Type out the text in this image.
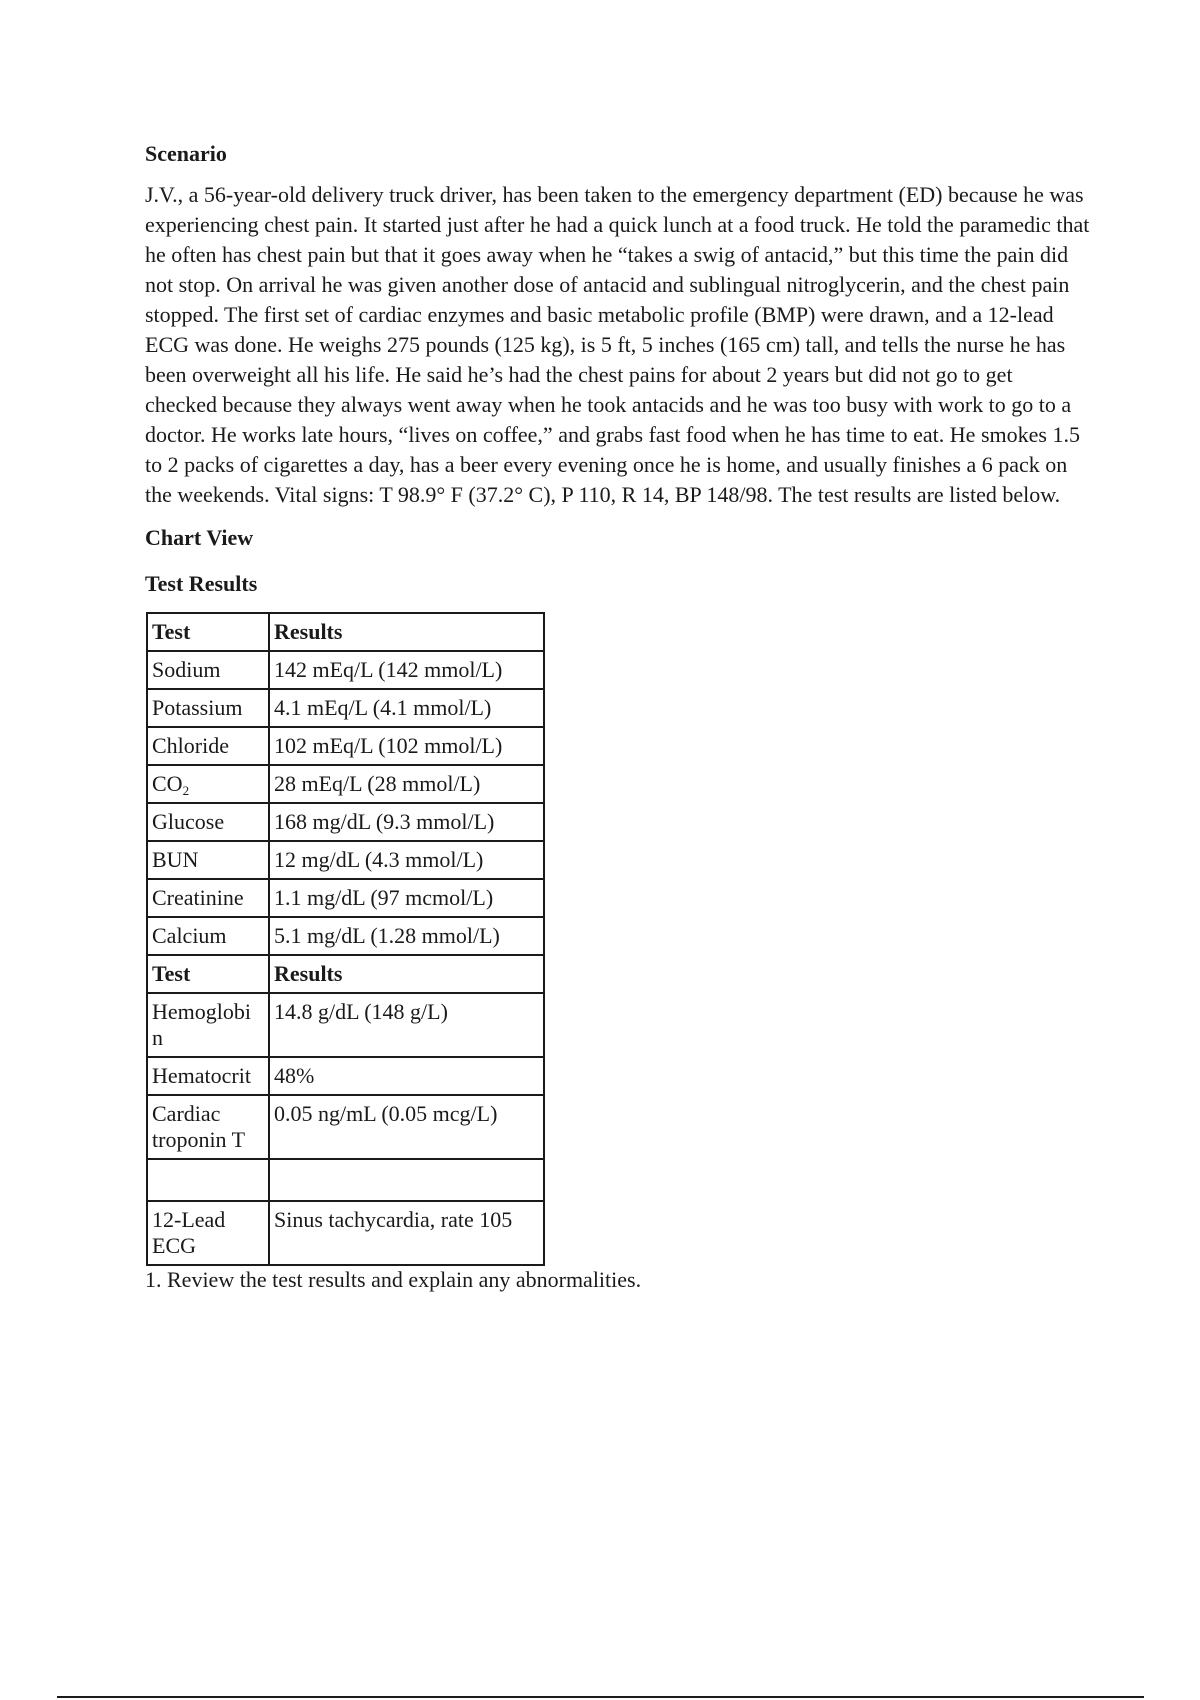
Scenario

J.V., a 56-year-old delivery truck driver, has been taken to the emergency department (ED) because he was experiencing chest pain. It started just after he had a quick lunch at a food truck. He told the paramedic that he often has chest pain but that it goes away when he “takes a swig of antacid,” but this time the pain did not stop. On arrival he was given another dose of antacid and sublingual nitroglycerin, and the chest pain stopped. The first set of cardiac enzymes and basic metabolic profile (BMP) were drawn, and a 12-lead ECG was done. He weighs 275 pounds (125 kg), is 5 ft, 5 inches (165 cm) tall, and tells the nurse he has been overweight all his life. He said he’s had the chest pains for about 2 years but did not go to get checked because they always went away when he took antacids and he was too busy with work to go to a doctor. He works late hours, “lives on coffee,” and grabs fast food when he has time to eat. He smokes 1.5 to 2 packs of cigarettes a day, has a beer every evening once he is home, and usually finishes a 6 pack on the weekends. Vital signs: T 98.9° F (37.2° C), P 110, R 14, BP 148/98. The test results are listed below.

Chart View

Test Results

Test	Results
Sodium	142 mEq/L (142 mmol/L)
Potassium	4.1 mEq/L (4.1 mmol/L)
Chloride	102 mEq/L (102 mmol/L)
$CO_2$	28 mEq/L (28 mmol/L)
Glucose	168 mg/dL (9.3 mmol/L)
BUN	12 mg/dL (4.3 mmol/L)
Creatinine	1.1 mg/dL (97 mcmol/L)
Calcium	5.1 mg/dL (1.28 mmol/L)
Test	Results
Hemoglobi n	14.8 g/dL (148 g/L)
Hematocrit	48%
Cardiac troponin T	0.05 ng/mL (0.05 mcg/L)

12-Lead ECG	Sinus tachycardia, rate 105

1. Review the test results and explain any abnormalities.
